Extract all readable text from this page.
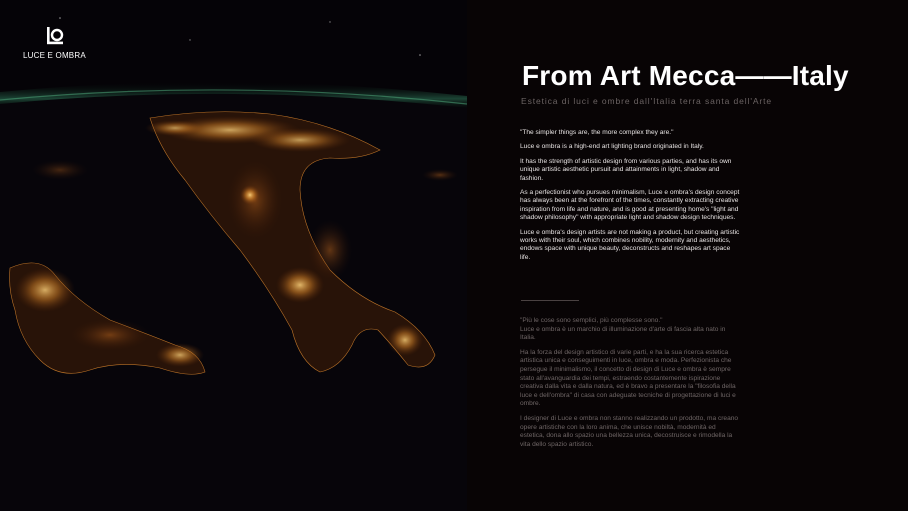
LUCE E OMBRA
From Art Mecca——Italy

Estetica di luci e ombre dall'Italia terra santa dell'Arte

"The simpler things are, the more complex they are."

Luce e ombra is a high-end art lighting brand originated in Italy.

It has the strength of artistic design from various parties, and has its own unique artistic aesthetic pursuit and attainments in light, shadow and fashion.

As a perfectionist who pursues minimalism, Luce e ombra's design concept has always been at the forefront of the times, constantly extracting creative inspiration from life and nature, and is good at presenting home's "light and shadow philosophy" with appropriate light and shadow design techniques.

Luce e ombra's design artists are not making a product, but creating artistic works with their soul, which combines nobility, modernity and aesthetics, endows space with unique beauty, deconstructs and reshapes art space life.

"Più le cose sono semplici, più complesse sono."
Luce e ombra è un marchio di illuminazione d'arte di fascia alta nato in Italia.

Ha la forza del design artistico di varie parti, e ha la sua ricerca estetica artistica unica e conseguimenti in luce, ombra e moda. Perfezionista che persegue il minimalismo, il concetto di design di Luce e ombra è sempre stato all'avanguardia dei tempi, estraendo costantemente ispirazione creativa dalla vita e dalla natura, ed è bravo a presentare la "filosofia della luce e dell'ombra" di casa con adeguate tecniche di progettazione di luci e ombre.

I designer di Luce e ombra non stanno realizzando un prodotto, ma creano opere artistiche con la loro anima, che unisce nobiltà, modernità ed estetica, dona allo spazio una bellezza unica, decostruisce e rimodella la vita dello spazio artistico.
